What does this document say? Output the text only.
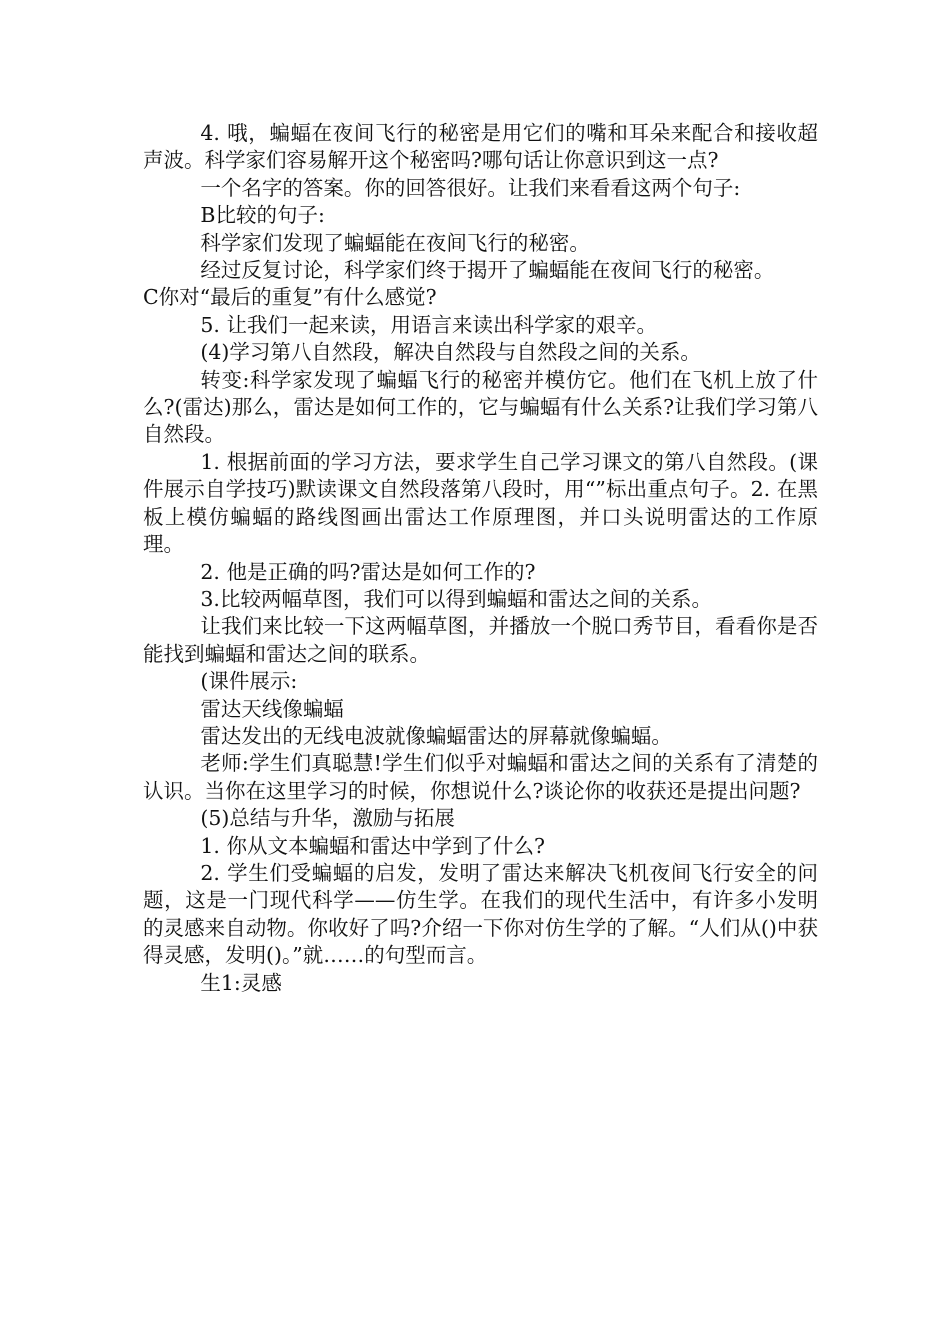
4. 哦，蝙蝠在夜间飞行的秘密是用它们的嘴和耳朵来配合和接收超声波。科学家们容易解开这个秘密吗?哪句话让你意识到这一点?

一个名字的答案。你的回答很好。让我们来看看这两个句子:

B比较的句子:

科学家们发现了蝙蝠能在夜间飞行的秘密。

经过反复讨论，科学家们终于揭开了蝙蝠能在夜间飞行的秘密。

C你对“最后的重复”有什么感觉?

5. 让我们一起来读，用语言来读出科学家的艰辛。

(4)学习第八自然段，解决自然段与自然段之间的关系。

转变:科学家发现了蝙蝠飞行的秘密并模仿它。他们在飞机上放了什么?(雷达)那么，雷达是如何工作的，它与蝙蝠有什么关系?让我们学习第八自然段。

1. 根据前面的学习方法，要求学生自己学习课文的第八自然段。(课件展示自学技巧)默读课文自然段落第八段时，用“”标出重点句子。2. 在黑板上模仿蝙蝠的路线图画出雷达工作原理图，并口头说明雷达的工作原理。

2. 他是正确的吗?雷达是如何工作的?

3.比较两幅草图，我们可以得到蝙蝠和雷达之间的关系。

让我们来比较一下这两幅草图，并播放一个脱口秀节目，看看你是否能找到蝙蝠和雷达之间的联系。

(课件展示:

雷达天线像蝙蝠

雷达发出的无线电波就像蝙蝠雷达的屏幕就像蝙蝠。

老师:学生们真聪慧!学生们似乎对蝙蝠和雷达之间的关系有了清楚的认识。当你在这里学习的时候，你想说什么?谈论你的收获还是提出问题?

(5)总结与升华，激励与拓展

1. 你从文本蝙蝠和雷达中学到了什么?

2. 学生们受蝙蝠的启发，发明了雷达来解决飞机夜间飞行安全的问题，这是一门现代科学——仿生学。在我们的现代生活中，有许多小发明的灵感来自动物。你收好了吗?介绍一下你对仿生学的了解。“人们从()中获得灵感，发明()。”就……的句型而言。

生1:灵感
